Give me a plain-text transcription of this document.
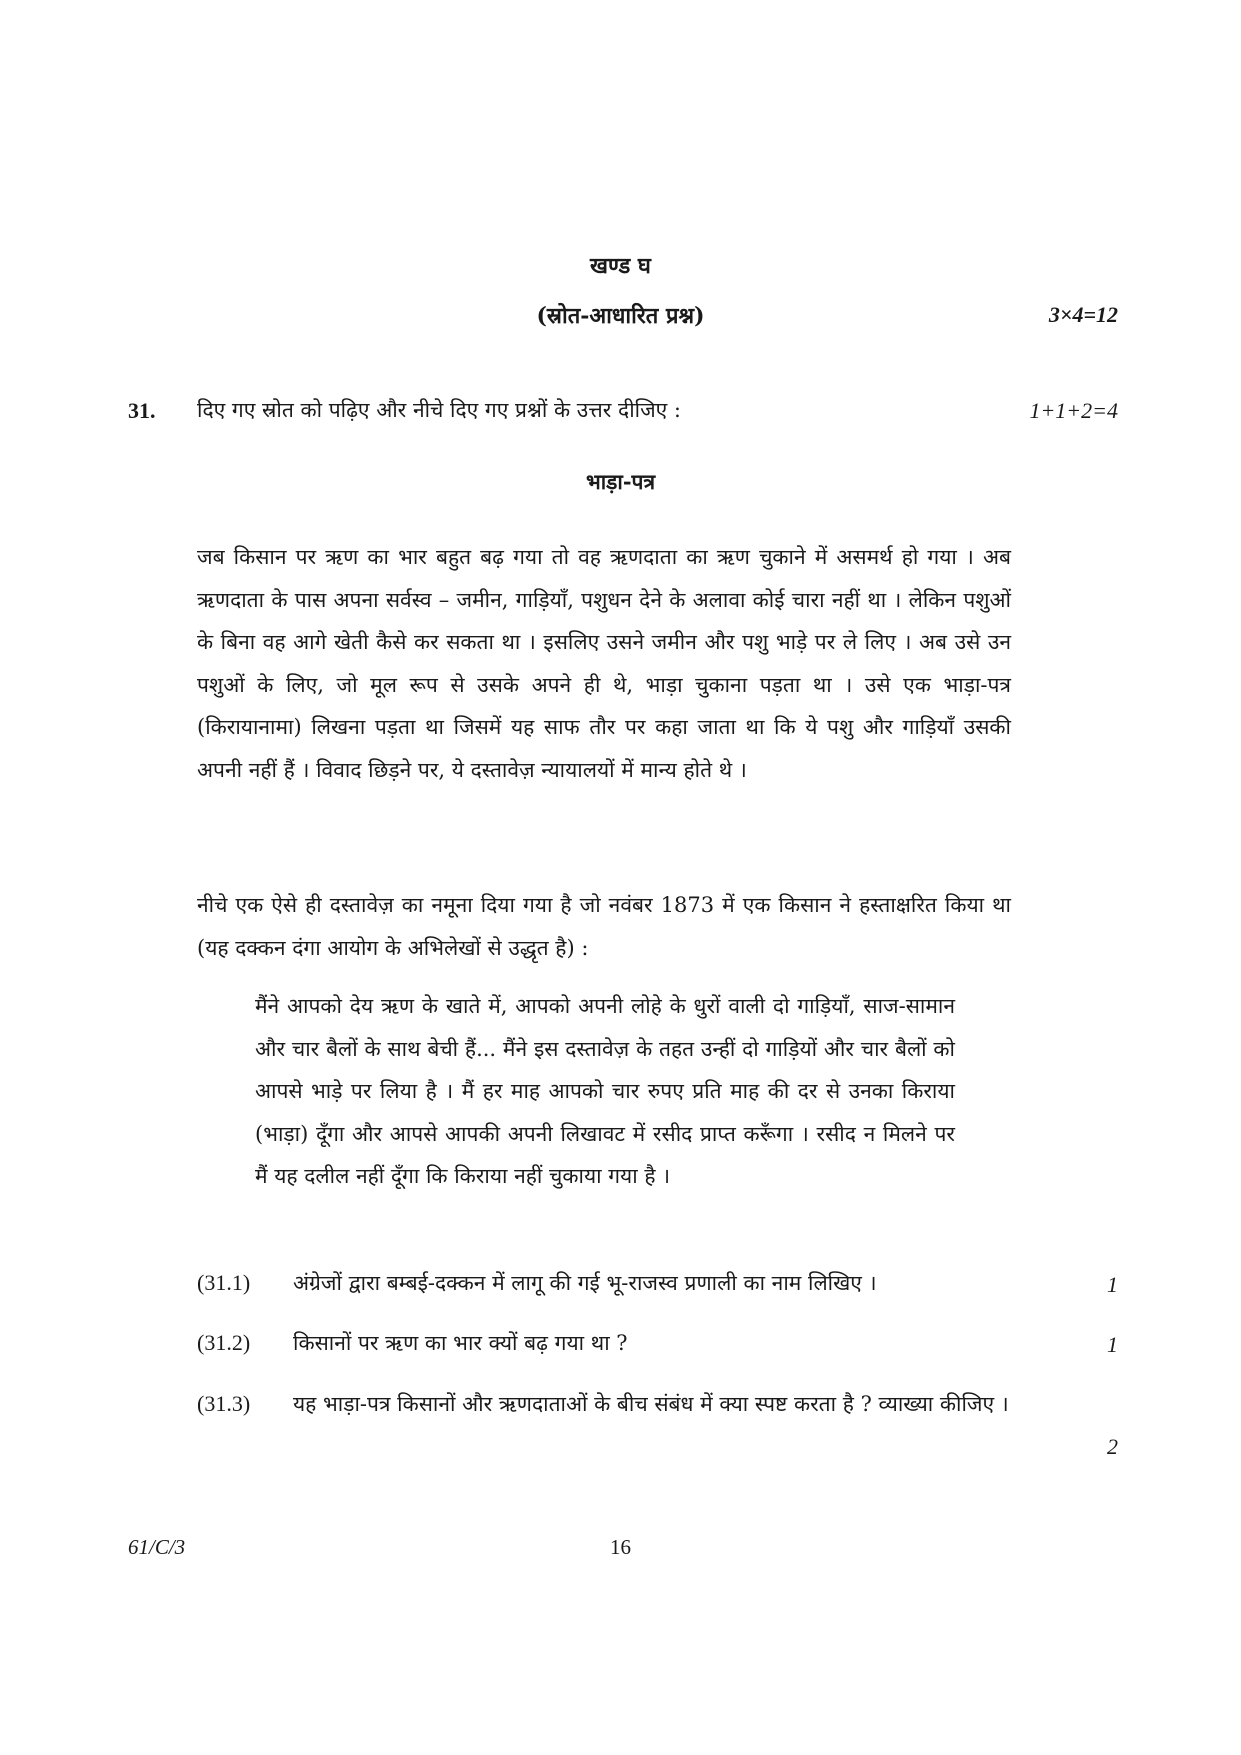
खण्ड घ
(स्रोत-आधारित प्रश्न)	3×4=12
31. दिए गए स्रोत को पढ़िए और नीचे दिए गए प्रश्नों के उत्तर दीजिए :	1+1+2=4
भाड़ा-पत्र

जब किसान पर ऋण का भार बहुत बढ़ गया तो वह ऋणदाता का ऋण चुकाने में असमर्थ हो गया । अब ऋणदाता के पास अपना सर्वस्व – जमीन, गाड़ियाँ, पशुधन देने के अलावा कोई चारा नहीं था । लेकिन पशुओं के बिना वह आगे खेती कैसे कर सकता था । इसलिए उसने जमीन और पशु भाड़े पर ले लिए । अब उसे उन पशुओं के लिए, जो मूल रूप से उसके अपने ही थे, भाड़ा चुकाना पड़ता था । उसे एक भाड़ा-पत्र (किरायानामा) लिखना पड़ता था जिसमें यह साफ तौर पर कहा जाता था कि ये पशु और गाड़ियाँ उसकी अपनी नहीं हैं । विवाद छिड़ने पर, ये दस्तावेज़ न्यायालयों में मान्य होते थे ।

नीचे एक ऐसे ही दस्तावेज़ का नमूना दिया गया है जो नवंबर 1873 में एक किसान ने हस्ताक्षरित किया था (यह दक्कन दंगा आयोग के अभिलेखों से उद्धृत है) :

मैंने आपको देय ऋण के खाते में, आपको अपनी लोहे के धुरों वाली दो गाड़ियाँ, साज-सामान और चार बैलों के साथ बेची हैं... मैंने इस दस्तावेज़ के तहत उन्हीं दो गाड़ियों और चार बैलों को आपसे भाड़े पर लिया है । मैं हर माह आपको चार रुपए प्रति माह की दर से उनका किराया (भाड़ा) दूँगा और आपसे आपकी अपनी लिखावट में रसीद प्राप्त करूँगा । रसीद न मिलने पर मैं यह दलील नहीं दूँगा कि किराया नहीं चुकाया गया है ।
(31.1) अंग्रेजों द्वारा बम्बई-दक्कन में लागू की गई भू-राजस्व प्रणाली का नाम लिखिए ।	1
(31.2) किसानों पर ऋण का भार क्यों बढ़ गया था ?	1
(31.3) यह भाड़ा-पत्र किसानों और ऋणदाताओं के बीच संबंध में क्या स्पष्ट करता है ? व्याख्या कीजिए ।
2
61/C/3	16
